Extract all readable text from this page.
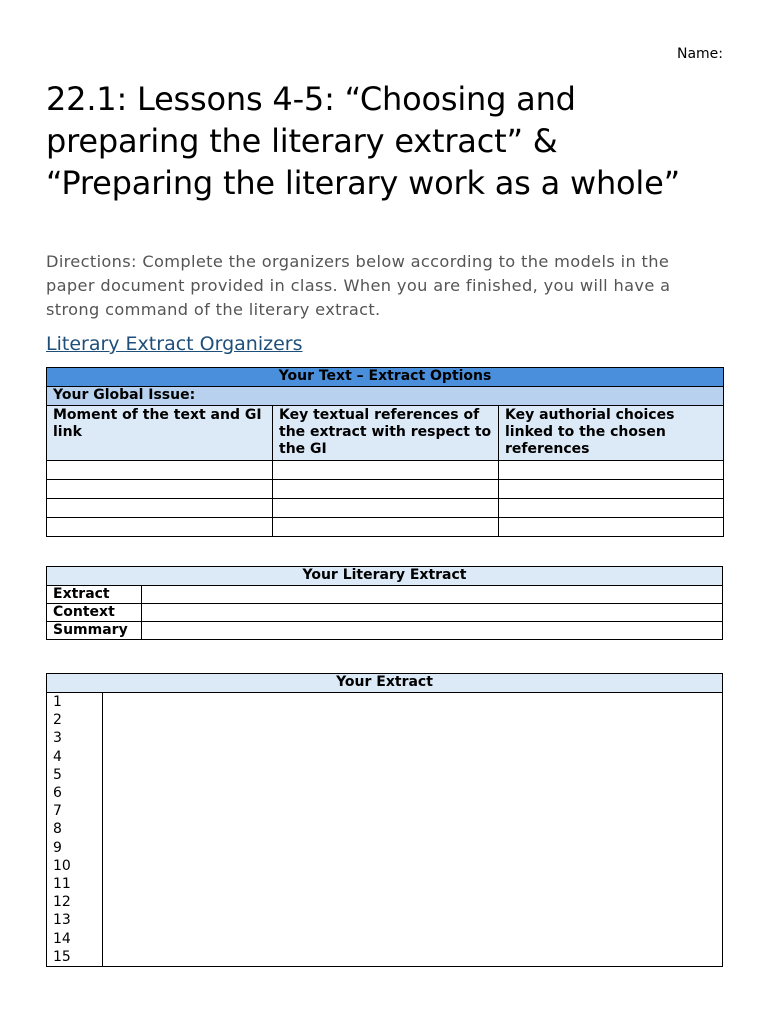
Name:
22.1: Lessons 4-5: “Choosing and preparing the literary extract” & “Preparing the literary work as a whole”

Directions: Complete the organizers below according to the models in the paper document provided in class. When you are finished, you will have a strong command of the literary extract.

Literary Extract Organizers
Your Text – Extract Options		
Your Global Issue:		
Moment of the text and GI link	Key textual references of the extract with respect to the GI	Key authorial choices linked to the chosen references

Your Literary Extract	
Extract	
Context	
Summary	
Your Extract

1
2
3
4
5
6
7
8
9
10
11
12
13
14
15
